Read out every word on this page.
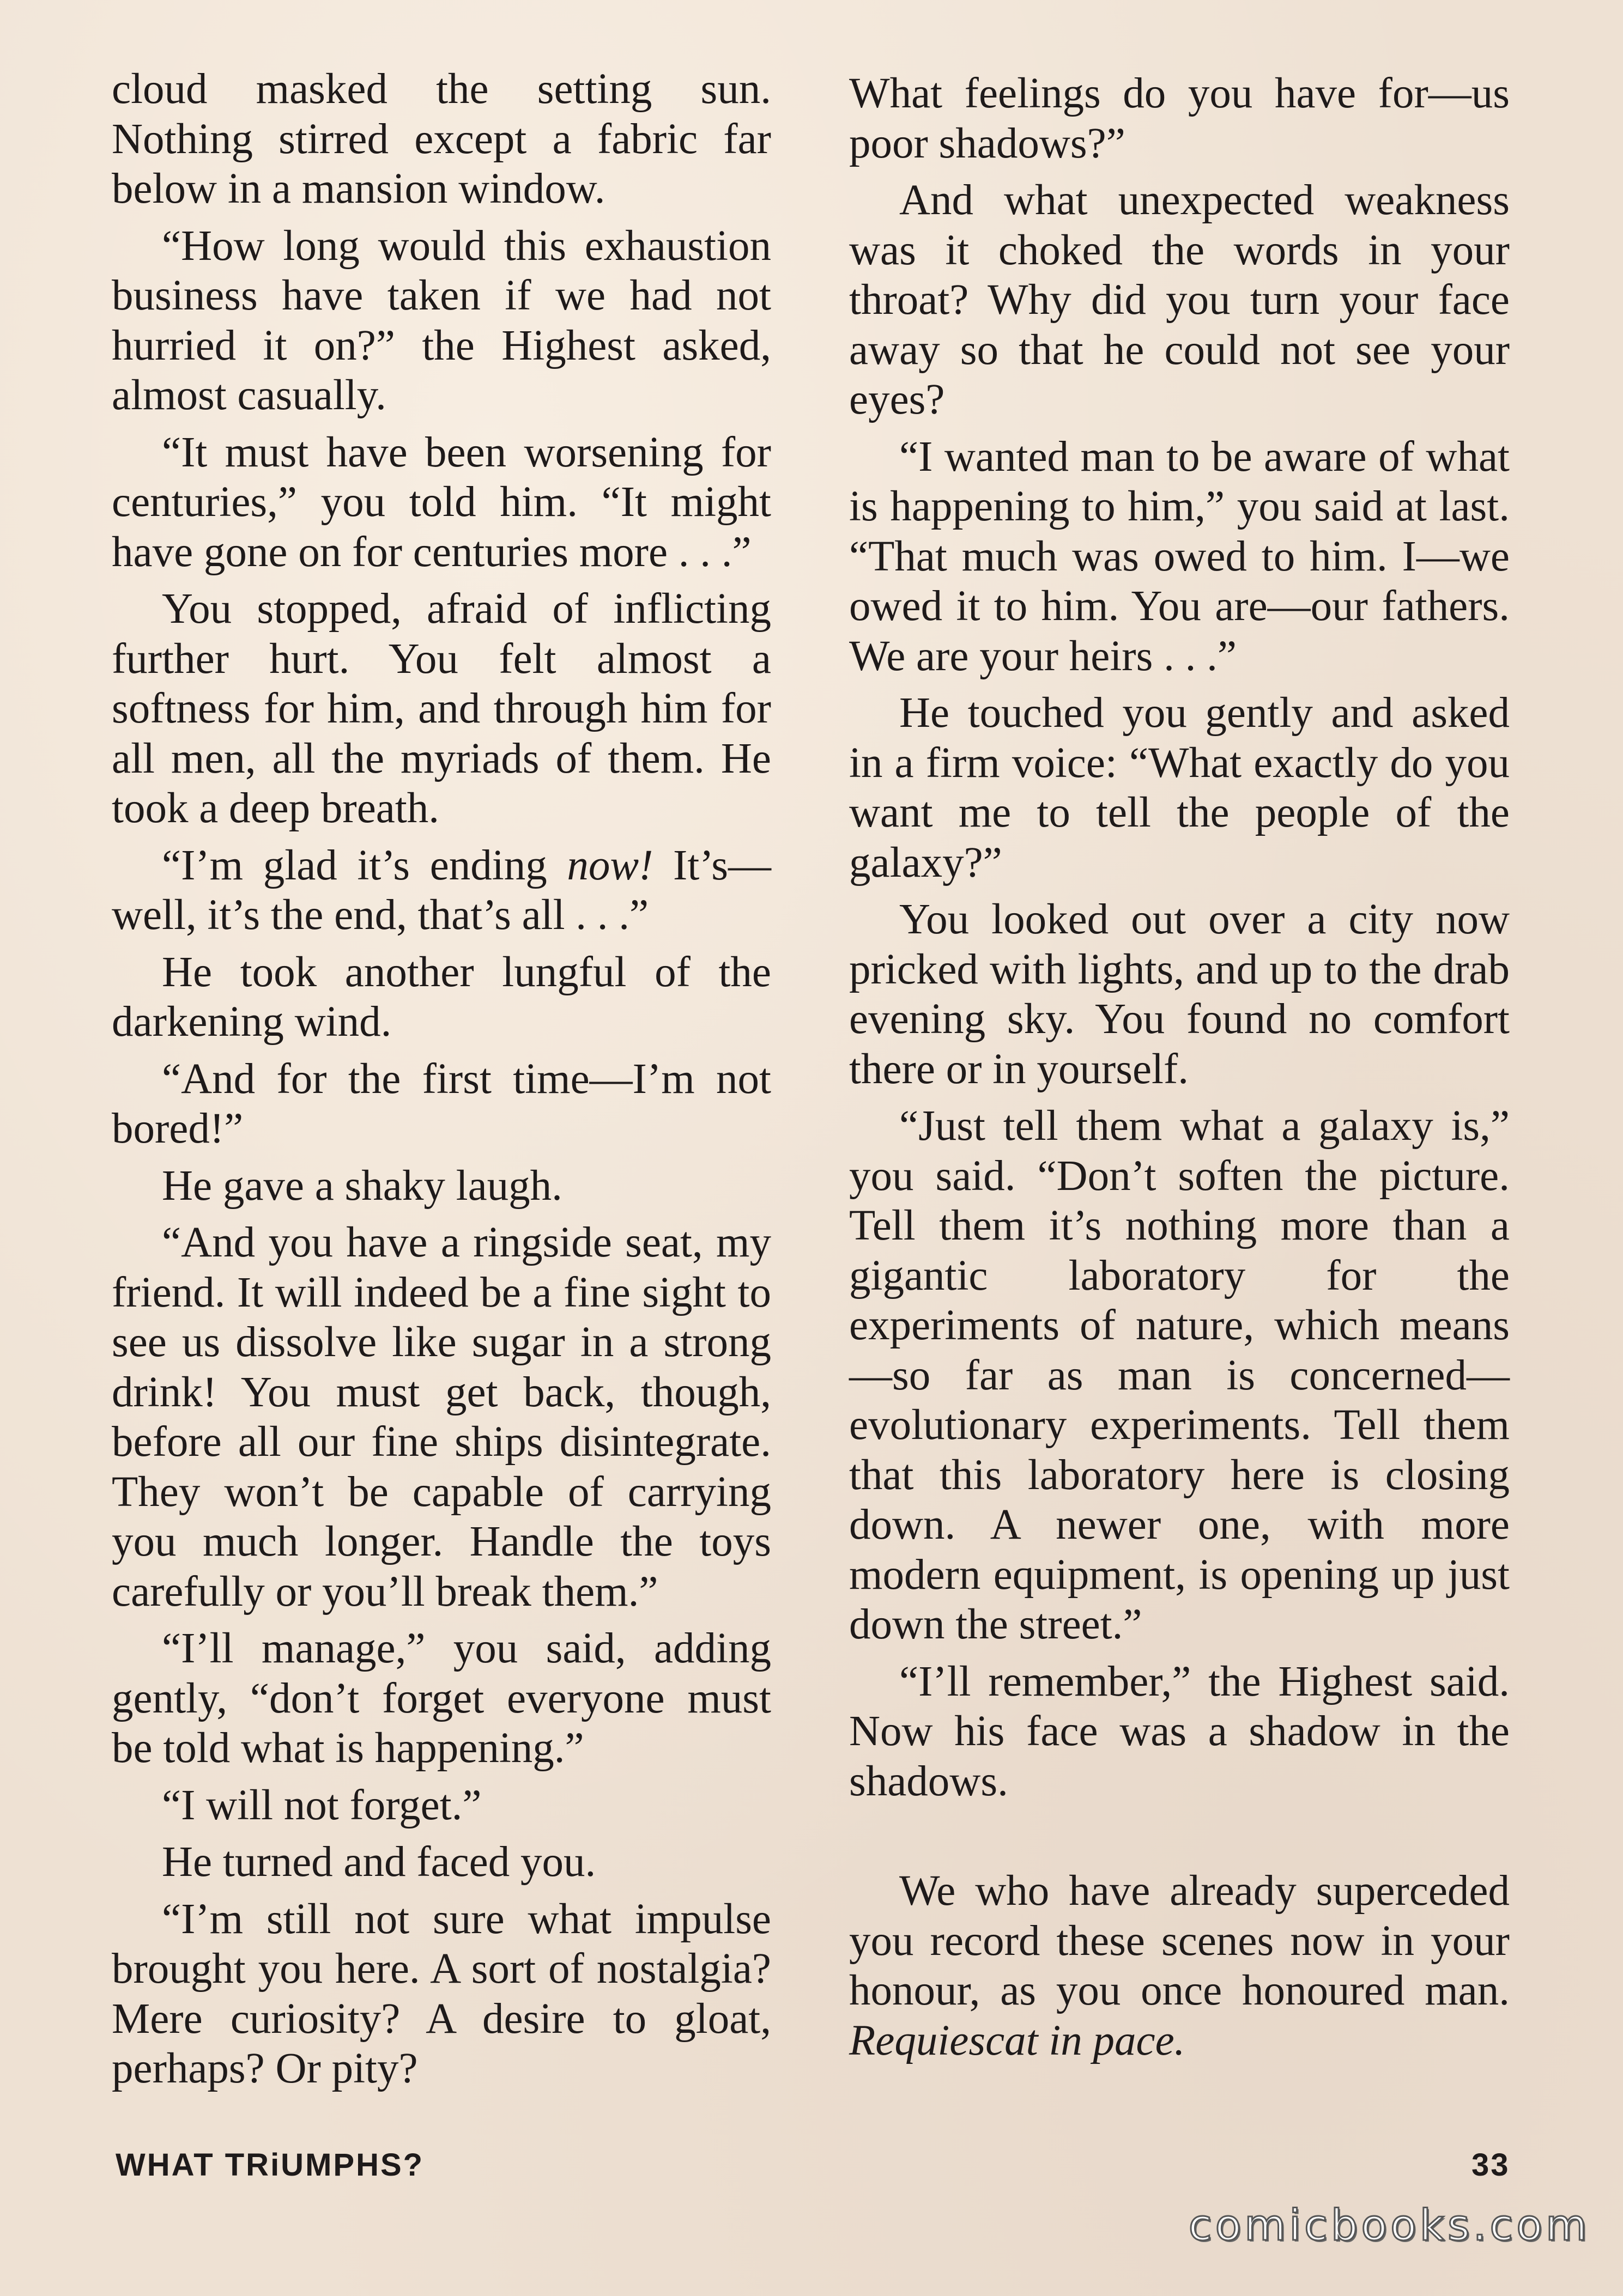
cloud masked the setting sun. Nothing stirred except a fabric far below in a mansion window.

“How long would this exhaustion business have taken if we had not hurried it on?” the Highest asked, almost casually.

“It must have been worsening for centuries,” you told him. “It might have gone on for centuries more . . .”

You stopped, afraid of inflicting further hurt. You felt almost a softness for him, and through him for all men, all the myriads of them. He took a deep breath.

“I’m glad it’s ending now! It’s—well, it’s the end, that’s all . . .”

He took another lungful of the darkening wind.

“And for the first time—I’m not bored!”

He gave a shaky laugh.

“And you have a ringside seat, my friend. It will indeed be a fine sight to see us dissolve like sugar in a strong drink! You must get back, though, before all our fine ships disintegrate. They won’t be capable of carrying you much longer. Handle the toys carefully or you’ll break them.”

“I’ll manage,” you said, adding gently, “don’t forget everyone must be told what is happening.”

“I will not forget.”

He turned and faced you.

“I’m still not sure what impulse brought you here. A sort of nostalgia? Mere curiosity? A desire to gloat, perhaps? Or pity?

What feelings do you have for—us poor shadows?”

And what unexpected weakness was it choked the words in your throat? Why did you turn your face away so that he could not see your eyes?

“I wanted man to be aware of what is happening to him,” you said at last. “That much was owed to him. I—we owed it to him. You are—our fathers. We are your heirs . . .”

He touched you gently and asked in a firm voice: “What exactly do you want me to tell the people of the galaxy?”

You looked out over a city now pricked with lights, and up to the drab evening sky. You found no comfort there or in yourself.

“Just tell them what a galaxy is,” you said. “Don’t soften the picture. Tell them it’s nothing more than a gigantic laboratory for the experiments of nature, which means—so far as man is concerned—evolutionary experiments. Tell them that this laboratory here is closing down. A newer one, with more modern equipment, is opening up just down the street.”

“I’ll remember,” the Highest said. Now his face was a shadow in the shadows.

We who have already superceded you record these scenes now in your honour, as you once honoured man. Requiescat in pace.

WHAT TRiUMPHS?	33
comicbooks.com
